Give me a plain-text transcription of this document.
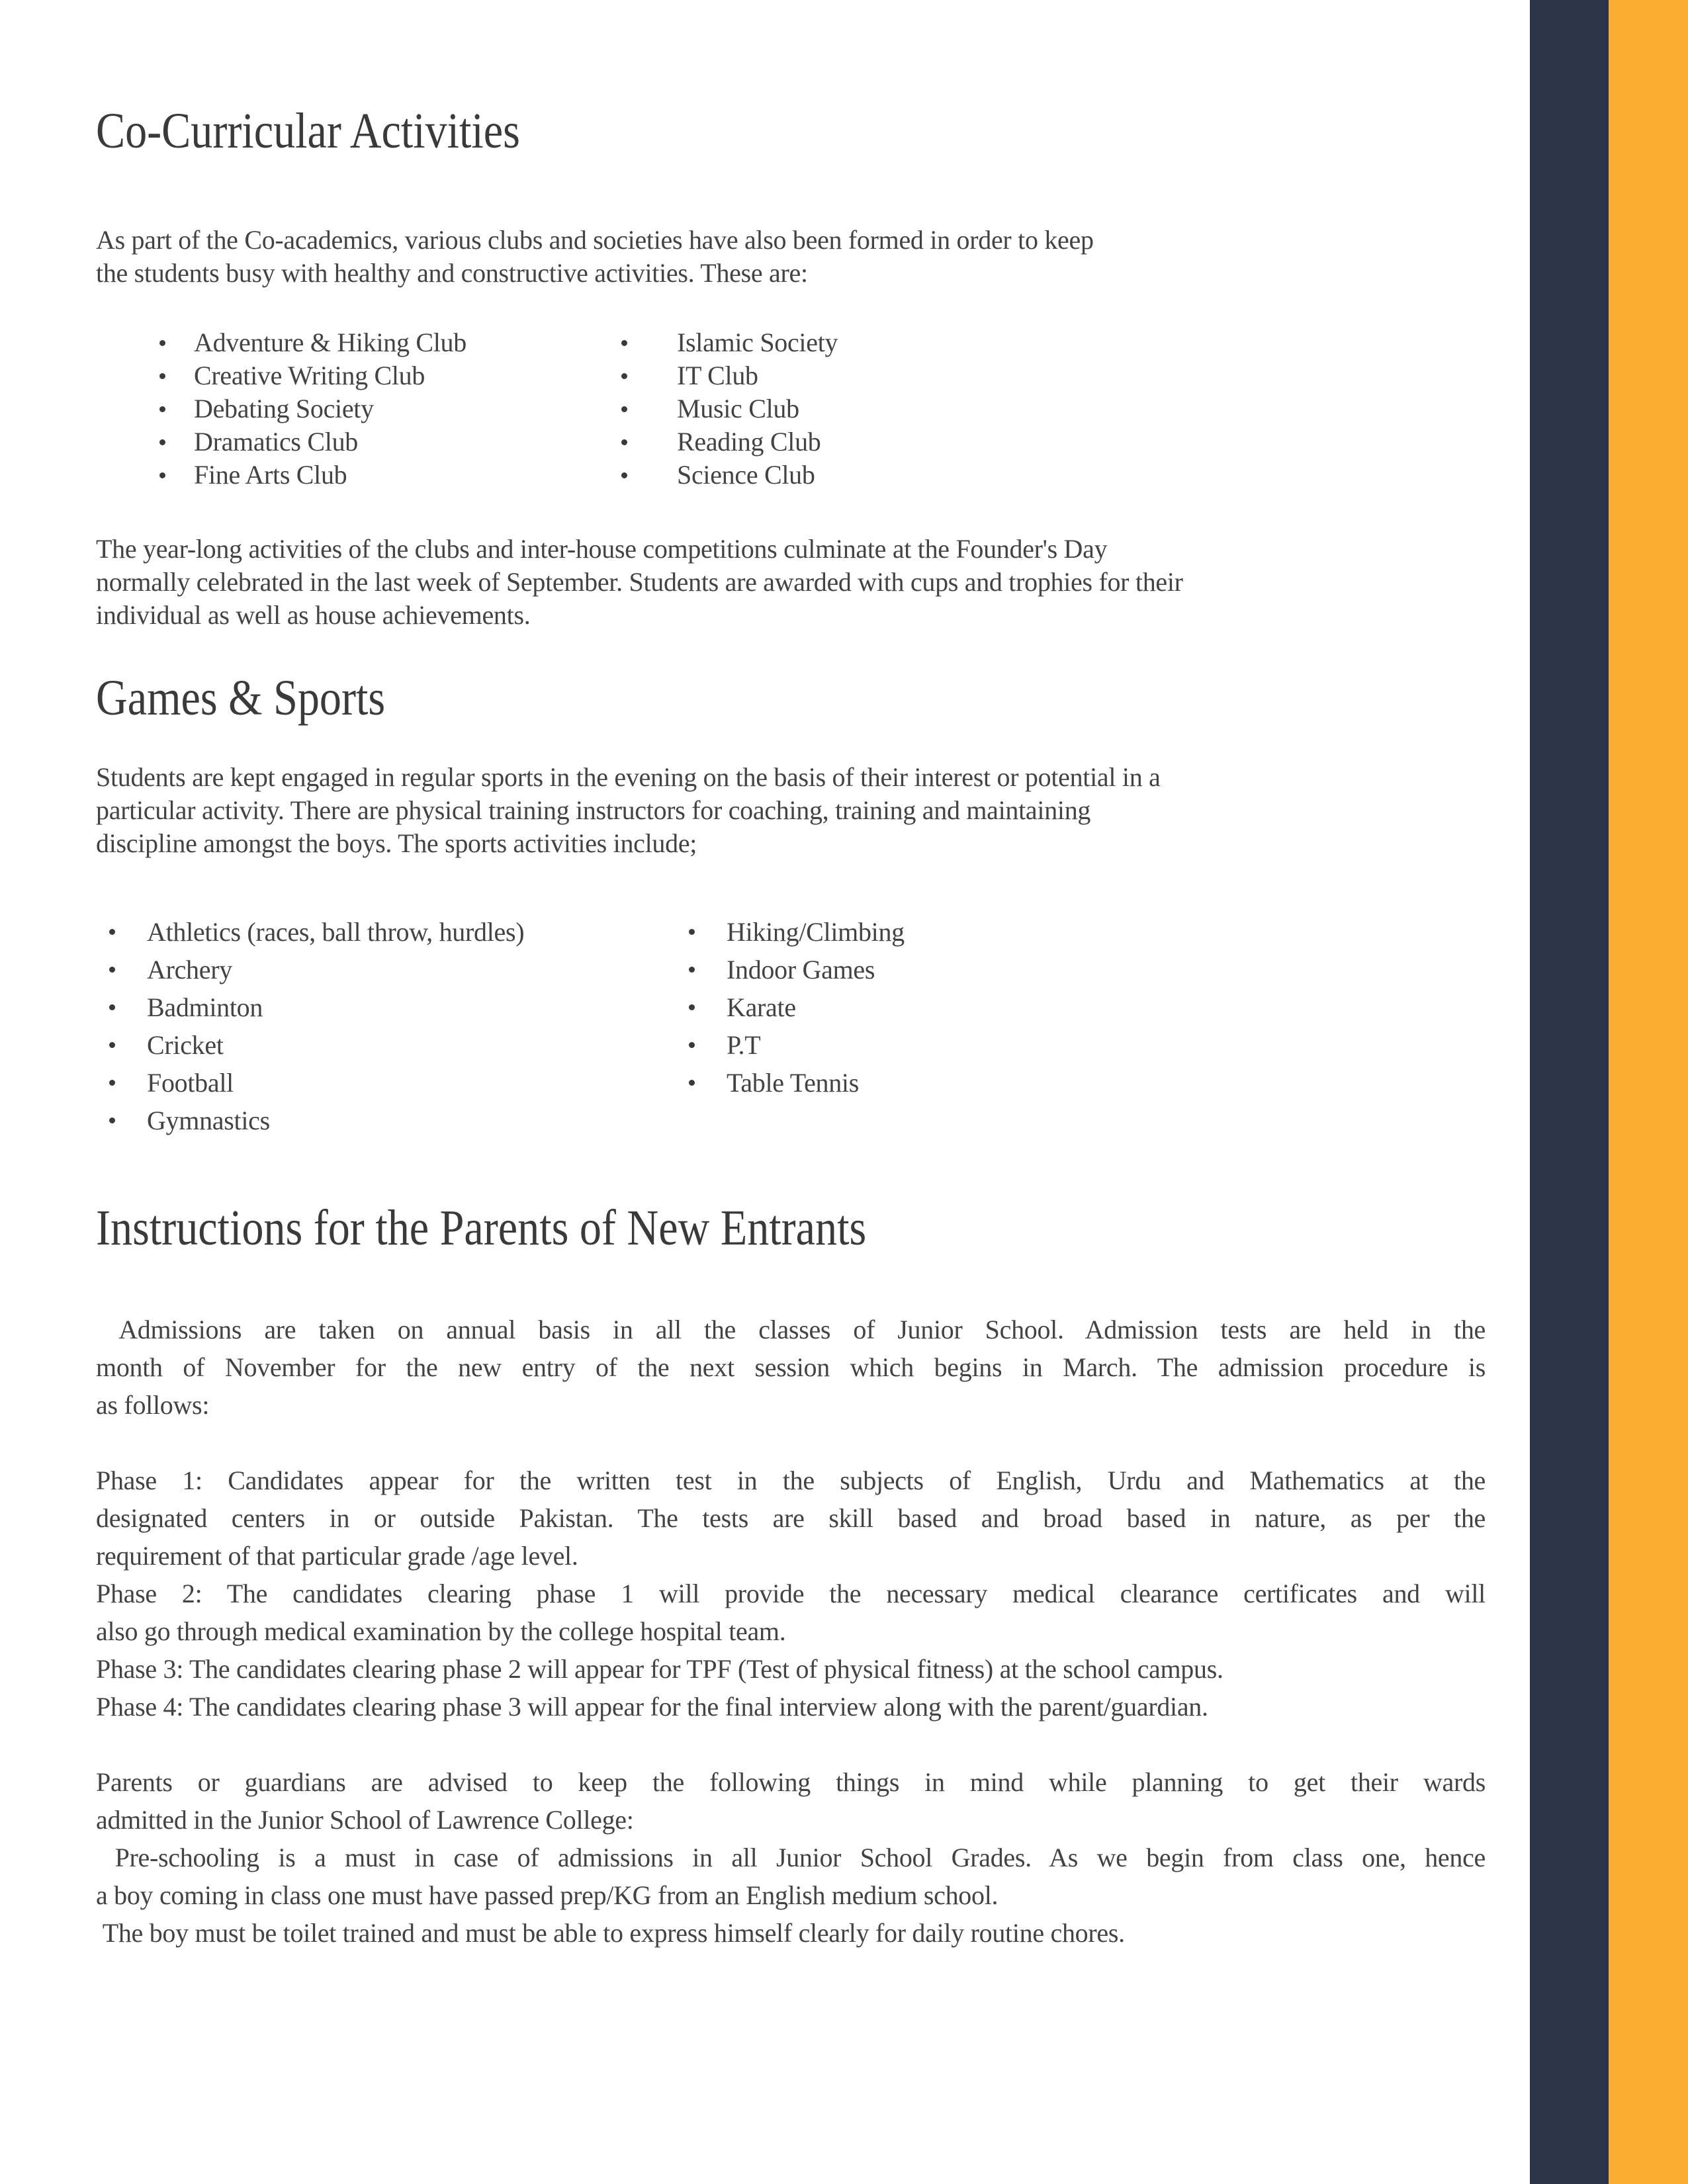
Co-Curricular Activities
As part of the Co-academics, various clubs and societies have also been formed in order to keep
the students busy with healthy and constructive activities. These are:
Adventure & Hiking Club
Creative Writing Club
Debating Society
Dramatics Club
Fine Arts Club
Islamic Society
IT Club
Music Club
Reading Club
Science Club
The year-long activities of the clubs and inter-house competitions culminate at the Founder's Day
normally celebrated in the last week of September. Students are awarded with cups and trophies for their
individual as well as house achievements.
Games & Sports
Students are kept engaged in regular sports in the evening on the basis of their interest or potential in a
particular activity. There are physical training instructors for coaching, training and maintaining
discipline amongst the boys. The sports activities include;
Athletics (races, ball throw, hurdles)
Archery
Badminton
Cricket
Football
Gymnastics
Hiking/Climbing
Indoor Games
Karate
P.T
Table Tennis
Instructions for the Parents of New Entrants
Admissions are taken on annual basis in all the classes of Junior School. Admission tests are held in the
month of November for the new entry of the next session which begins in March. The admission procedure is
as follows:
Phase 1: Candidates appear for the written test in the subjects of English, Urdu and Mathematics at the
designated centers in or outside Pakistan. The tests are skill based and broad based in nature, as per the
requirement of that particular grade /age level.
Phase 2: The candidates clearing phase 1 will provide the necessary medical clearance certificates and will
also go through medical examination by the college hospital team.
Phase 3: The candidates clearing phase 2 will appear for TPF (Test of physical fitness) at the school campus.
Phase 4: The candidates clearing phase 3 will appear for the final interview along with the parent/guardian.
Parents or guardians are advised to keep the following things in mind while planning to get their wards
admitted in the Junior School of Lawrence College:
Pre-schooling is a must in case of admissions in all Junior School Grades. As we begin from class one, hence
a boy coming in class one must have passed prep/KG from an English medium school.
The boy must be toilet trained and must be able to express himself clearly for daily routine chores.
